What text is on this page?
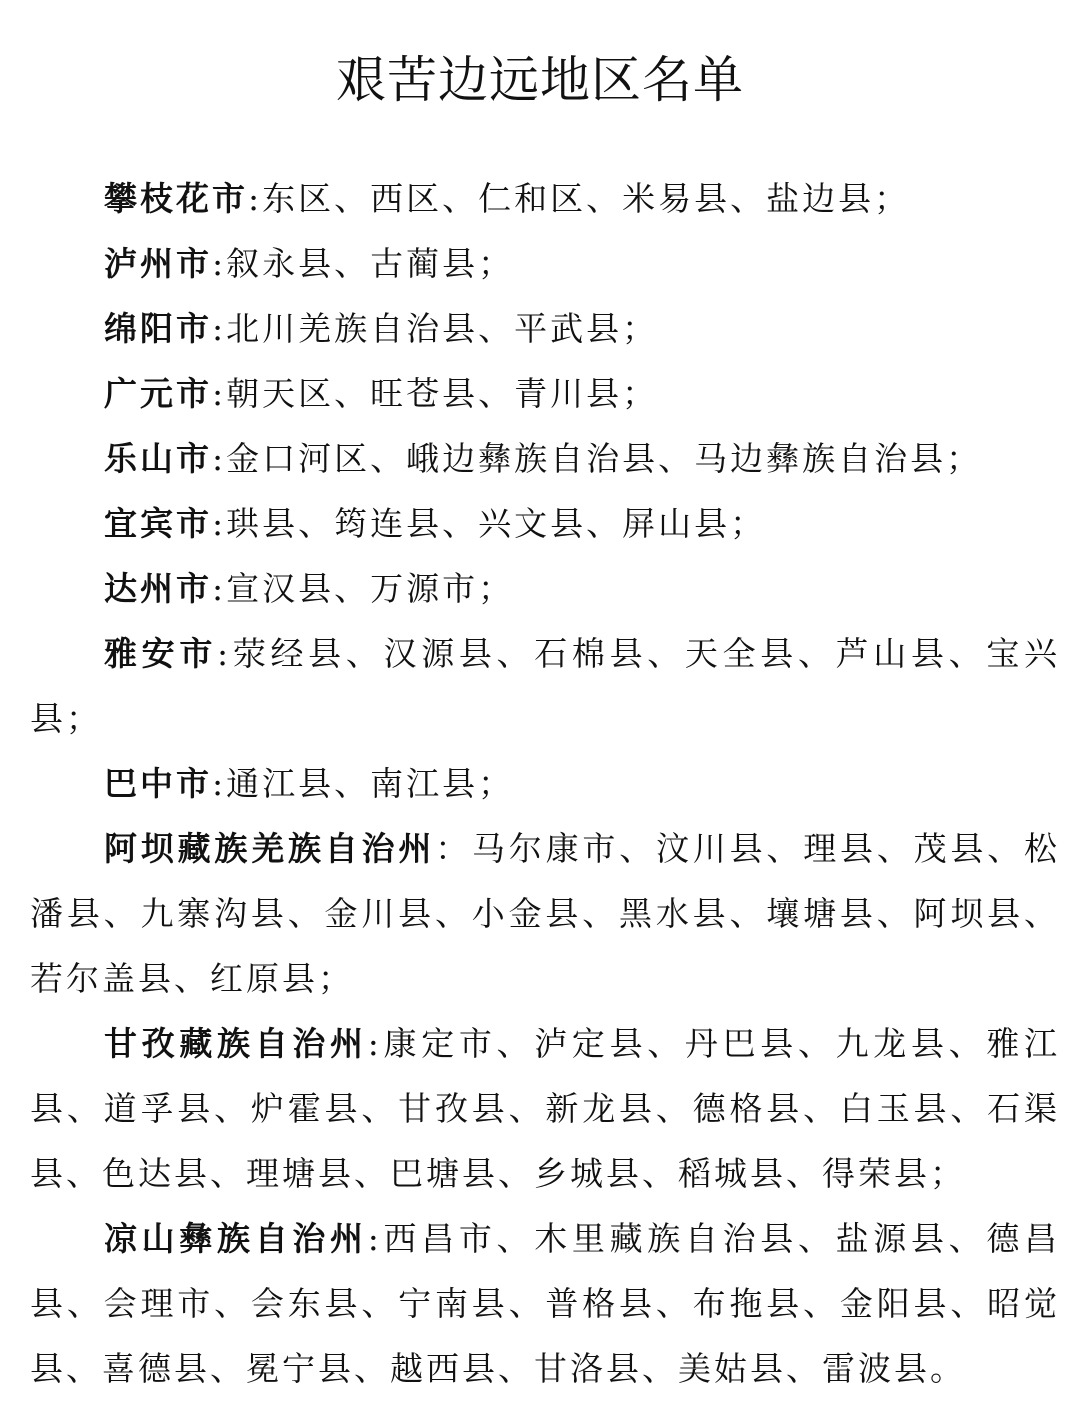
艰苦边远地区名单

攀枝花市:东区、西区、仁和区、米易县、盐边县；

泸州市:叙永县、古蔺县；

绵阳市:北川羌族自治县、平武县；

广元市:朝天区、旺苍县、青川县；

乐山市:金口河区、峨边彝族自治县、马边彝族自治县；

宜宾市:珙县、筠连县、兴文县、屏山县；

达州市:宣汉县、万源市；

雅安市:荥经县、汉源县、石棉县、天全县、芦山县、宝兴县；

巴中市:通江县、南江县；

阿坝藏族羌族自治州：马尔康市、汶川县、理县、茂县、松潘县、九寨沟县、金川县、小金县、黑水县、壤塘县、阿坝县、若尔盖县、红原县；

甘孜藏族自治州:康定市、泸定县、丹巴县、九龙县、雅江县、道孚县、炉霍县、甘孜县、新龙县、德格县、白玉县、石渠县、色达县、理塘县、巴塘县、乡城县、稻城县、得荣县；

凉山彝族自治州:西昌市、木里藏族自治县、盐源县、德昌县、会理市、会东县、宁南县、普格县、布拖县、金阳县、昭觉县、喜德县、冕宁县、越西县、甘洛县、美姑县、雷波县。
